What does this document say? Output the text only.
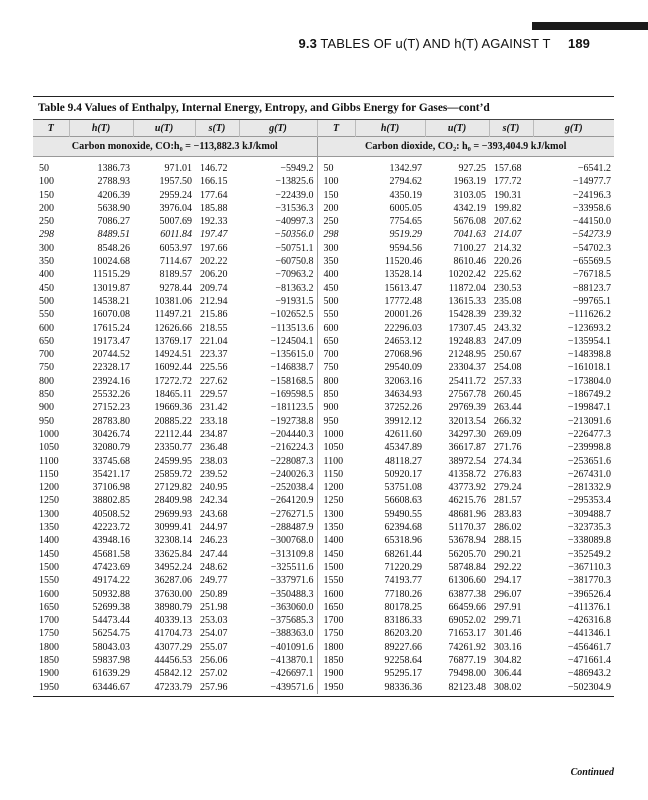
9.3 TABLES OF u(T) AND h(T) AGAINST T 189
Table 9.4 Values of Enthalpy, Internal Energy, Entropy, and Gibbs Energy for Gases—cont’d
T	h(T)	u(T)	s(T)	g(T)	T	h(T)	u(T)	s(T)	g(T)
Carbon monoxide, CO:h₀ = −113,882.3 kJ/kmol					Carbon dioxide, CO₂: h₀ = −393,404.9 kJ/kmol				
50	1386.73	971.01	146.72	−5949.2	50	1342.97	927.25	157.68	−6541.2
100	2788.93	1957.50	166.15	−13825.6	100	2794.62	1963.19	177.72	−14977.7
150	4206.39	2959.24	177.64	−22439.0	150	4350.19	3103.05	190.31	−24196.3
200	5638.90	3976.04	185.88	−31536.3	200	6005.05	4342.19	199.82	−33958.6
250	7086.27	5007.69	192.33	−40997.3	250	7754.65	5676.08	207.62	−44150.0
298	8489.51	6011.84	197.47	−50356.0	298	9519.29	7041.63	214.07	−54273.9
300	8548.26	6053.97	197.66	−50751.1	300	9594.56	7100.27	214.32	−54702.3
350	10024.68	7114.67	202.22	−60750.8	350	11520.46	8610.46	220.26	−65569.5
400	11515.29	8189.57	206.20	−70963.2	400	13528.14	10202.42	225.62	−76718.5
450	13019.87	9278.44	209.74	−81363.2	450	15613.47	11872.04	230.53	−88123.7
500	14538.21	10381.06	212.94	−91931.5	500	17772.48	13615.33	235.08	−99765.1
550	16070.08	11497.21	215.86	−102652.5	550	20001.26	15428.39	239.32	−111626.2
600	17615.24	12626.66	218.55	−113513.6	600	22296.03	17307.45	243.32	−123693.2
650	19173.47	13769.17	221.04	−124504.1	650	24653.12	19248.83	247.09	−135954.1
700	20744.52	14924.51	223.37	−135615.0	700	27068.96	21248.95	250.67	−148398.8
750	22328.17	16092.44	225.56	−146838.7	750	29540.09	23304.37	254.08	−161018.1
800	23924.16	17272.72	227.62	−158168.5	800	32063.16	25411.72	257.33	−173804.0
850	25532.26	18465.11	229.57	−169598.5	850	34634.93	27567.78	260.45	−186749.2
900	27152.23	19669.36	231.42	−181123.5	900	37252.26	29769.39	263.44	−199847.1
950	28783.80	20885.22	233.18	−192738.8	950	39912.12	32013.54	266.32	−213091.6
1000	30426.74	22112.44	234.87	−204440.3	1000	42611.60	34297.30	269.09	−226477.3
1050	32080.79	23350.77	236.48	−216224.3	1050	45347.89	36617.87	271.76	−239998.8
1100	33745.68	24599.95	238.03	−228087.3	1100	48118.27	38972.54	274.34	−253651.6
1150	35421.17	25859.72	239.52	−240026.3	1150	50920.17	41358.72	276.83	−267431.0
1200	37106.98	27129.82	240.95	−252038.4	1200	53751.08	43773.92	279.24	−281332.9
1250	38802.85	28409.98	242.34	−264120.9	1250	56608.63	46215.76	281.57	−295353.4
1300	40508.52	29699.93	243.68	−276271.5	1300	59490.55	48681.96	283.83	−309488.7
1350	42223.72	30999.41	244.97	−288487.9	1350	62394.68	51170.37	286.02	−323735.3
1400	43948.16	32308.14	246.23	−300768.0	1400	65318.96	53678.94	288.15	−338089.8
1450	45681.58	33625.84	247.44	−313109.8	1450	68261.44	56205.70	290.21	−352549.2
1500	47423.69	34952.24	248.62	−325511.6	1500	71220.29	58748.84	292.22	−367110.3
1550	49174.22	36287.06	249.77	−337971.6	1550	74193.77	61306.60	294.17	−381770.3
1600	50932.88	37630.00	250.89	−350488.3	1600	77180.26	63877.38	296.07	−396526.4
1650	52699.38	38980.79	251.98	−363060.0	1650	80178.25	66459.66	297.91	−411376.1
1700	54473.44	40339.13	253.03	−375685.3	1700	83186.33	69052.02	299.71	−426316.8
1750	56254.75	41704.73	254.07	−388363.0	1750	86203.20	71653.17	301.46	−441346.1
1800	58043.03	43077.29	255.07	−401091.6	1800	89227.66	74261.92	303.16	−456461.7
1850	59837.98	44456.53	256.06	−413870.1	1850	92258.64	76877.19	304.82	−471661.4
1900	61639.29	45842.12	257.02	−426697.1	1900	95295.17	79498.00	306.44	−486943.2
1950	63446.67	47233.79	257.96	−439571.6	1950	98336.36	82123.48	308.02	−502304.9
Continued
